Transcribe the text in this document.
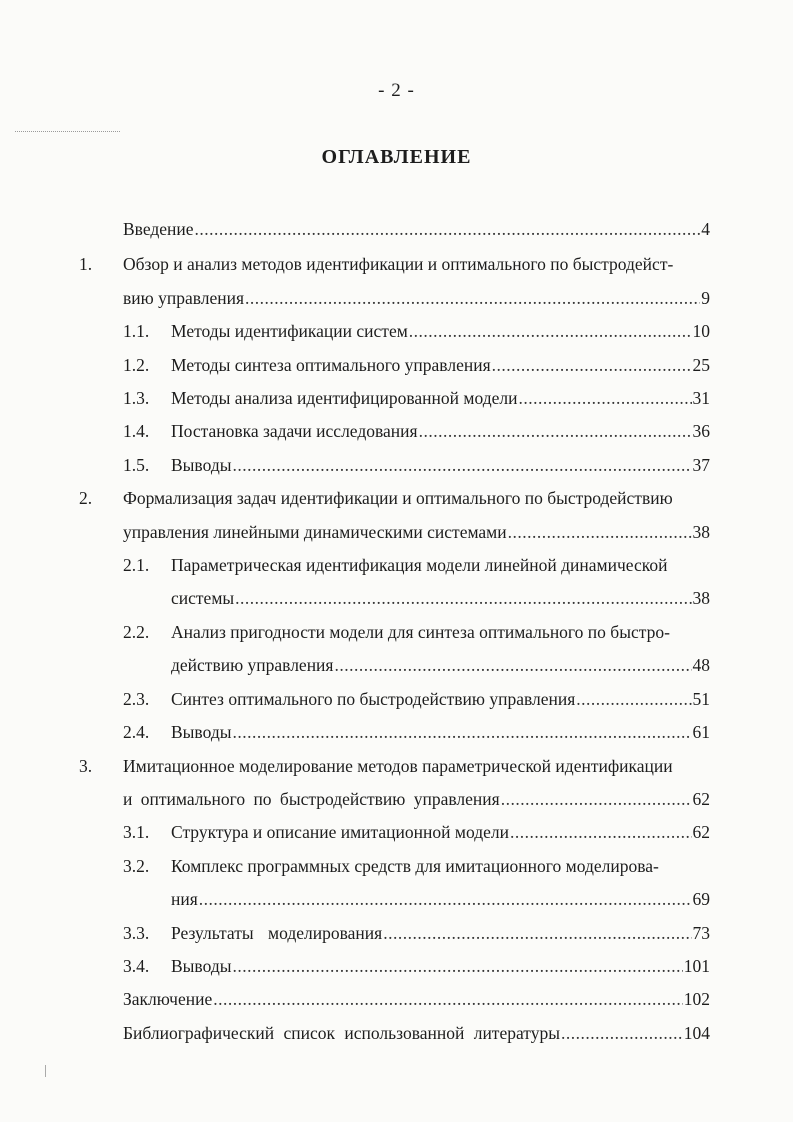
- 2 -
ОГЛАВЛЕНИЕ
Введение .....	4
1. Обзор и анализ методов идентификации и оптимального по быстродейст-
вию управления .....	9
1.1. Методы идентификации систем .....	10
1.2. Методы синтеза оптимального управления .....	25
1.3. Методы анализа идентифицированной модели .....	31
1.4. Постановка задачи исследования .....	36
1.5. Выводы .....	37
2. Формализация задач идентификации и оптимального по быстродействию
управления линейными динамическими системами .....	38
2.1. Параметрическая идентификация модели линейной динамической
системы .....	38
2.2. Анализ пригодности модели для синтеза оптимального по быстро-
действию управления .....	48
2.3. Синтез оптимального по быстродействию управления .....	51
2.4. Выводы .....	61
3. Имитационное моделирование методов параметрической идентификации
и оптимального по быстродействию управления .....	62
3.1. Структура и описание имитационной модели .....	62
3.2. Комплекс программных средств для имитационного моделирова-
ния .....	69
3.3. Результаты моделирования .....	73
3.4. Выводы .....	101
Заключение .....	102
Библиографический список использованной литературы .....	104
